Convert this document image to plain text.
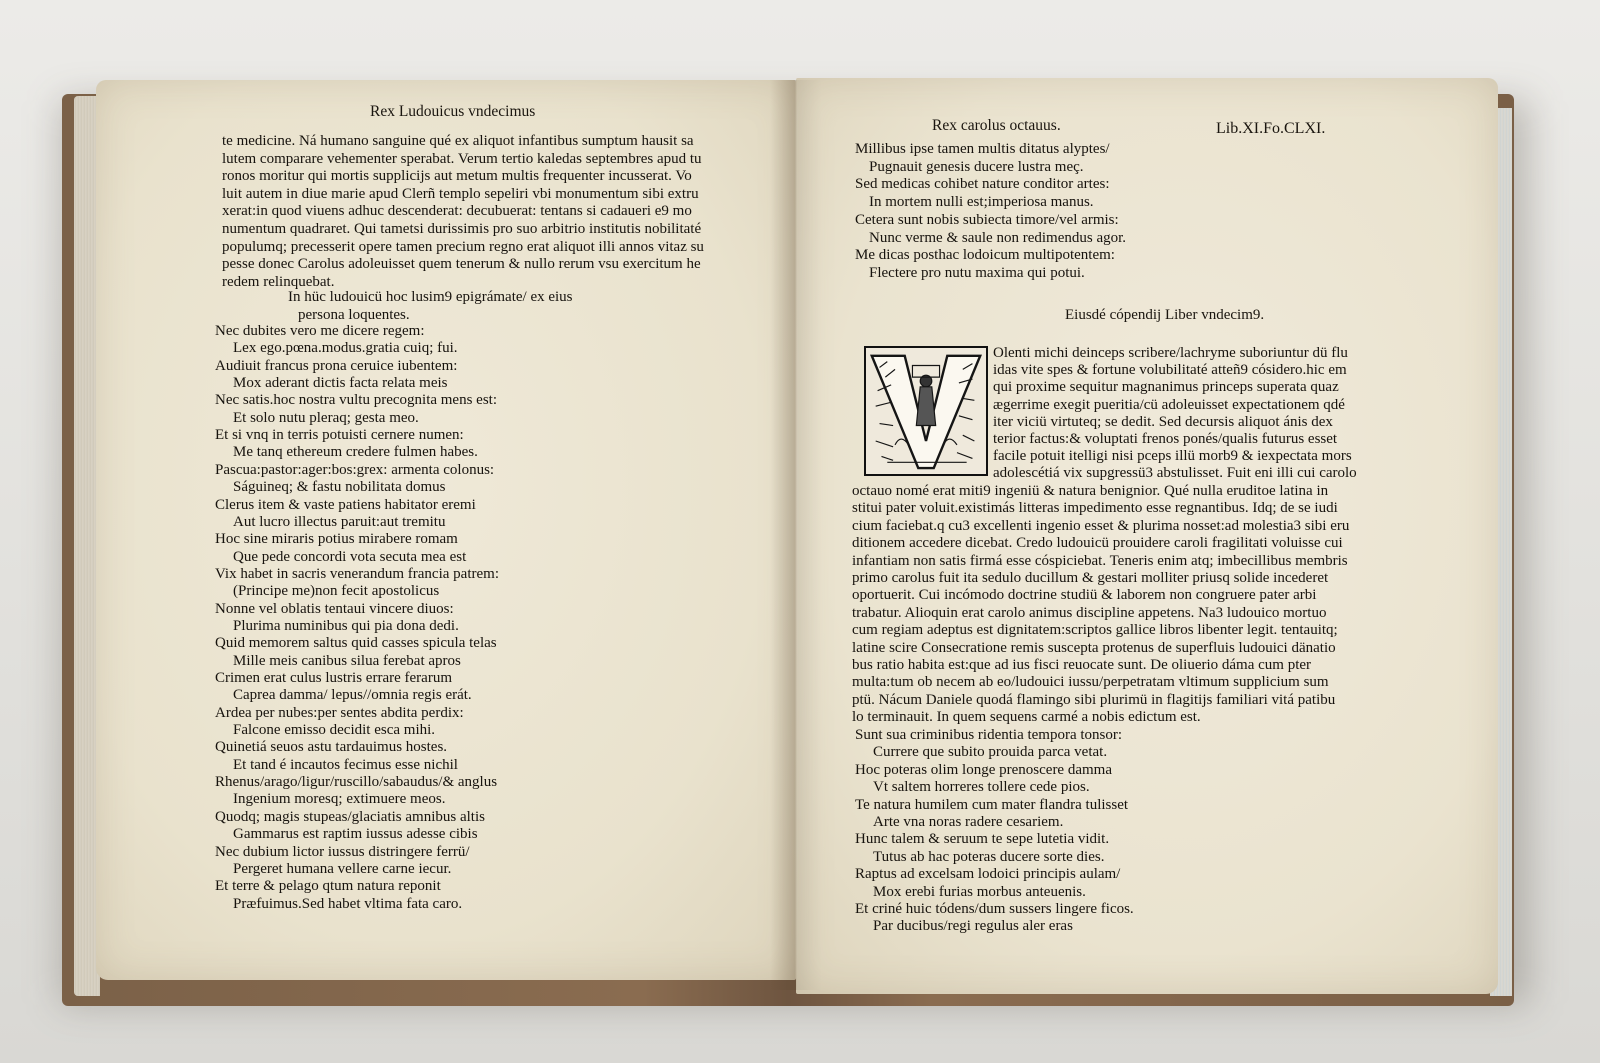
Rex Ludouicus vndecimus
te medicine. Ná humano sanguine qué ex aliquot infantibus sumptum hausit sa
lutem comparare vehementer sperabat. Verum tertio kaledas septembres apud tu
ronos moritur qui mortis supplicijs aut metum multis frequenter incusserat. Vo
luit autem in diue marie apud Clerñ templo sepeliri vbi monumentum sibi extru
xerat:in quod viuens adhuc descenderat: decubuerat: tentans si cadaueri e9 mo
numentum quadraret. Qui tametsi durissimis pro suo arbitrio institutis nobilitaté
populumq; precesserit opere tamen precium regno erat aliquot illi annos vitaz su
pesse donec Carolus adoleuisset quem tenerum & nullo rerum vsu exercitum he
redem relinquebat.
In hüc ludouicü hoc lusim9 epigrámate/ ex eius
persona loquentes.
Nec dubites vero me dicere regem:
Lex ego.pœna.modus.gratia cuiq; fui.
Audiuit francus prona ceruice iubentem:
Mox aderant dictis facta relata meis
Nec satis.hoc nostra vultu precognita mens est:
Et solo nutu pleraq; gesta meo.
Et si vnq in terris potuisti cernere numen:
Me tanq ethereum credere fulmen habes.
Pascua:pastor:ager:bos:grex: armenta colonus:
Ságuineq; & fastu nobilitata domus
Clerus item & vaste patiens habitator eremi
Aut lucro illectus paruit:aut tremitu
Hoc sine miraris potius mirabere romam
Que pede concordi vota secuta mea est
Vix habet in sacris venerandum francia patrem:
(Principe me)non fecit apostolicus
Nonne vel oblatis tentaui vincere diuos:
Plurima numinibus qui pia dona dedi.
Quid memorem saltus quid casses spicula telas
Mille meis canibus silua ferebat apros
Crimen erat culus lustris errare ferarum
Caprea damma/ lepus//omnia regis erát.
Ardea per nubes:per sentes abdita perdix:
Falcone emisso decidit esca mihi.
Quinetiá seuos astu tardauimus hostes.
Et tand é incautos fecimus esse nichil
Rhenus/arago/ligur/ruscillo/sabaudus/& anglus
Ingenium moresq; extimuere meos.
Quodq; magis stupeas/glaciatis amnibus altis
Gammarus est raptim iussus adesse cibis
Nec dubium lictor iussus distringere ferrü/
Pergeret humana vellere carne iecur.
Et terre & pelago qtum natura reponit
Præfuimus.Sed habet vltima fata caro.
Rex carolus octauus.	Lib.XI.Fo.CLXI.
Millibus ipse tamen multis ditatus alyptes/
Pugnauit genesis ducere lustra meç.
Sed medicas cohibet nature conditor artes:
In mortem nulli est;imperiosa manus.
Cetera sunt nobis subiecta timore/vel armis:
Nunc verme & saule non redimendus agor.
Me dicas posthac lodoicum multipotentem:
Flectere pro nutu maxima qui potui.
Eiusdé cópendij Liber vndecim9.
Olenti michi deinceps scribere/lachryme suboriuntur dü flu
idas vite spes & fortune volubilitaté atteñ9 cósidero.hic em
qui proxime sequitur magnanimus princeps superata quaz
ægerrime exegit pueritia/cü adoleuisset expectationem qdé
iter viciü virtuteq; se dedit. Sed decursis aliquot ánis dex
terior factus:& voluptati frenos ponés/qualis futurus esset
facile potuit itelligi nisi pceps illü morb9 & iexpectata mors
adolescétiá vix supgressü3 abstulisset. Fuit eni illi cui carolo
octauo nomé erat miti9 ingeniü & natura benignior. Qué nulla eruditoe latina in
stitui pater voluit.existimás litteras impedimento esse regnantibus. Idq; de se iudi
cium faciebat.q cu3 excellenti ingenio esset & plurima nosset:ad molestia3 sibi eru
ditionem accedere dicebat. Credo ludouicü prouidere caroli fragilitati voluisse cui
infantiam non satis firmá esse cóspiciebat. Teneris enim atq; imbecillibus membris
primo carolus fuit ita sedulo ducillum & gestari molliter priusq solide incederet
oportuerit. Cui incómodo doctrine studiü & laborem non congruere pater arbi
trabatur. Alioquin erat carolo animus discipline appetens. Na3 ludouico mortuo
cum regiam adeptus est dignitatem:scriptos gallice libros libenter legit. tentauitq;
latine scire Consecratione remis suscepta protenus de superfluis ludouici dänatio
bus ratio habita est:que ad ius fisci reuocate sunt. De oliuerio dáma cum pter
multa:tum ob necem ab eo/ludouici iussu/perpetratam vltimum supplicium sum
ptü. Nácum Daniele quodá flamingo sibi plurimü in flagitijs familiari vitá patibu
lo terminauit. In quem sequens carmé a nobis edictum est.
Sunt sua criminibus ridentia tempora tonsor:
Currere que subito prouida parca vetat.
Hoc poteras olim longe prenoscere damma
Vt saltem horreres tollere cede pios.
Te natura humilem cum mater flandra tulisset
Arte vna noras radere cesariem.
Hunc talem & seruum te sepe lutetia vidit.
Tutus ab hac poteras ducere sorte dies.
Raptus ad excelsam lodoici principis aulam/
Mox erebi furias morbus anteuenis.
Et criné huic tódens/dum sussers lingere ficos.
Par ducibus/regi regulus aler eras
